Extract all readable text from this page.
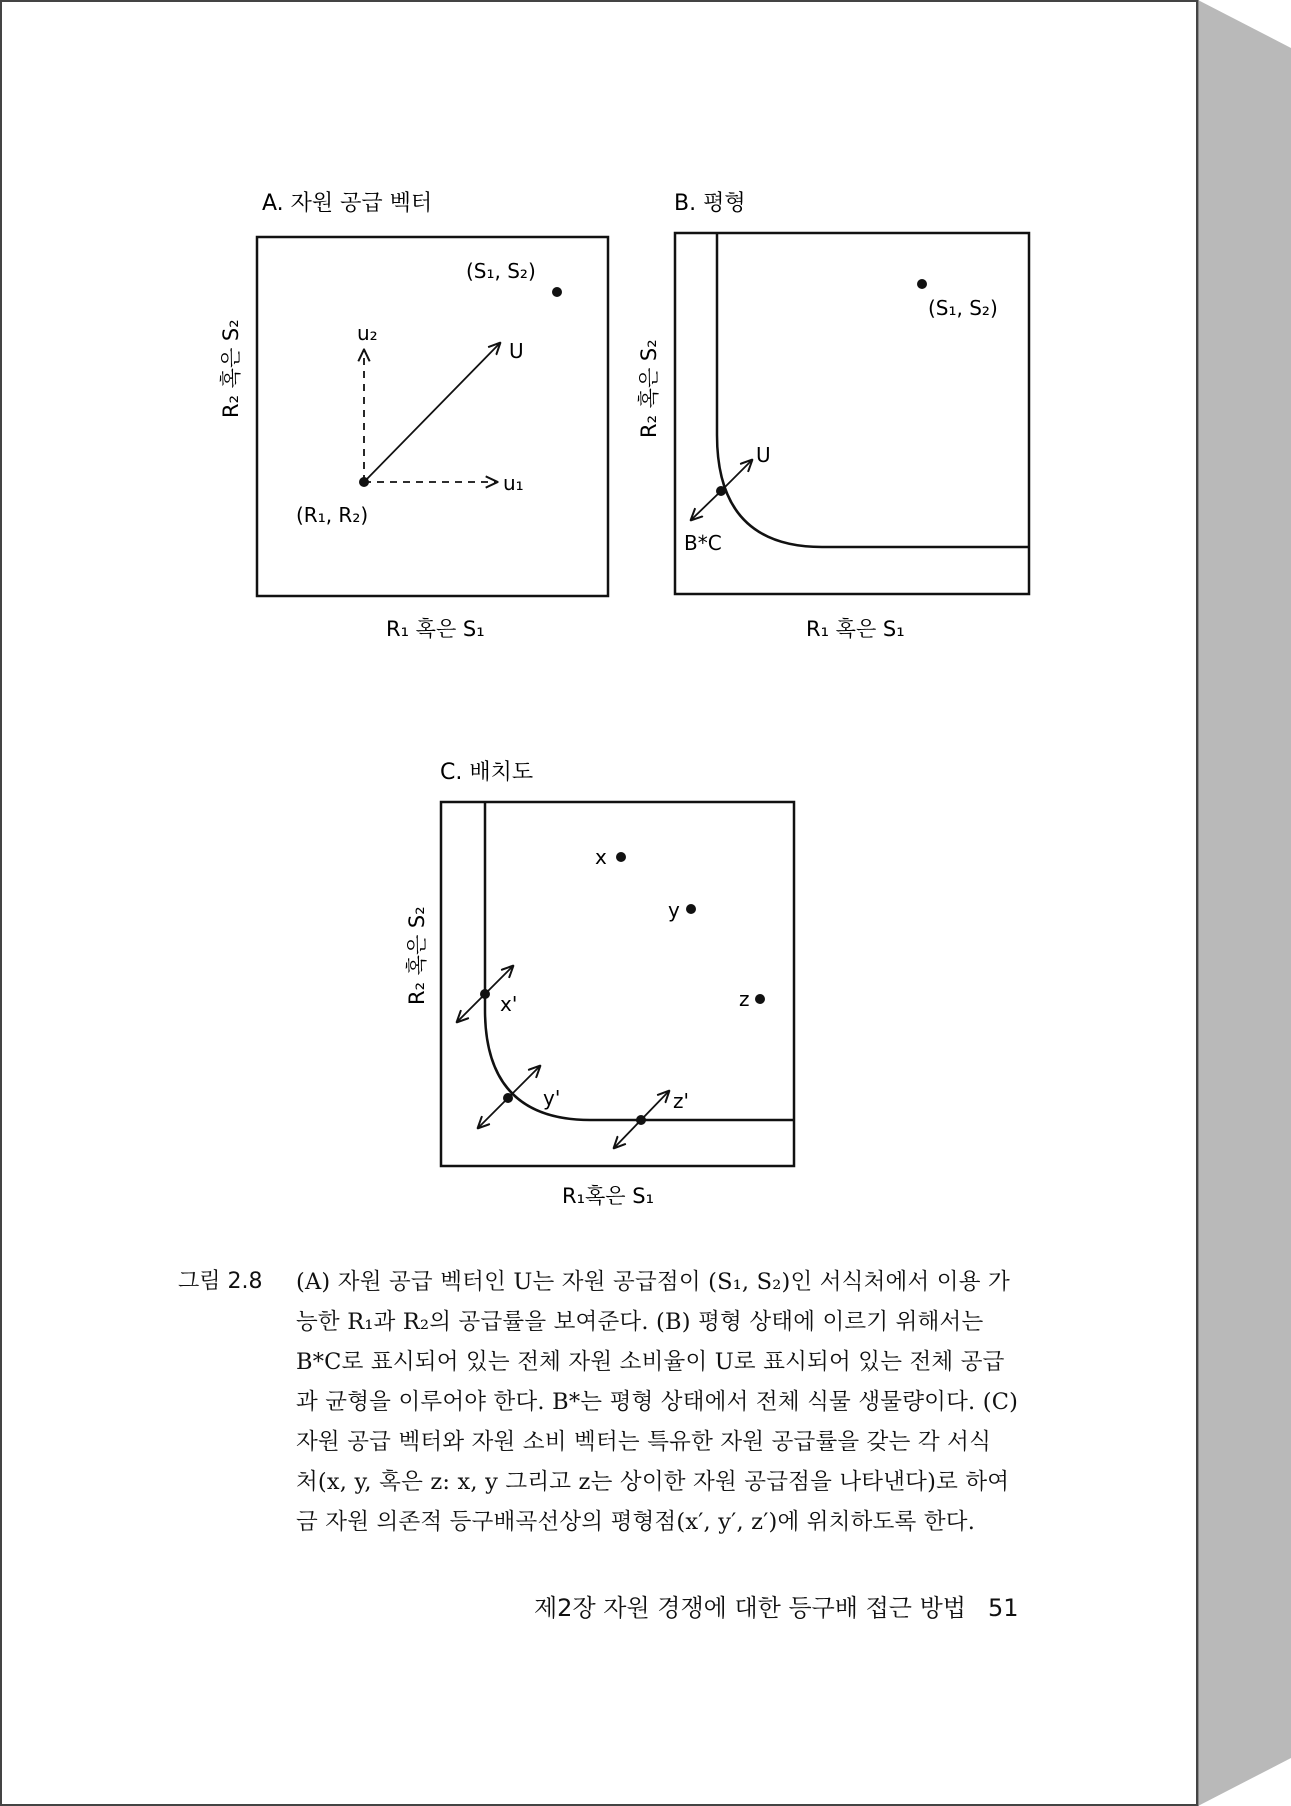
A. 자원 공급 벡터
R₂ 혹은 S₂
R₁ 혹은 S₁
(S₁, S₂)
u₂
U
u₁
(R₁, R₂)
B. 평형
R₂ 혹은 S₂
R₁ 혹은 S₁
(S₁, S₂)
U
B*C
C. 배치도
R₂ 혹은 S₂
R₁혹은 S₁
x
y
z
x'
y'	z'
그림 2.8	(A) 자원 공급 벡터인 U는 자원 공급점이 (S₁, S₂)인 서식처에서 이용 가
능한 R₁과 R₂의 공급률을 보여준다. (B) 평형 상태에 이르기 위해서는
B*C로 표시되어 있는 전체 자원 소비율이 U로 표시되어 있는 전체 공급
과 균형을 이루어야 한다. B*는 평형 상태에서 전체 식물 생물량이다. (C)
자원 공급 벡터와 자원 소비 벡터는 특유한 자원 공급률을 갖는 각 서식
처(x, y, 혹은 z: x, y 그리고 z는 상이한 자원 공급점을 나타낸다)로 하여
금 자원 의존적 등구배곡선상의 평형점(x′, y′, z′)에 위치하도록 한다.
제2장 자원 경쟁에 대한 등구배 접근 방법 51
